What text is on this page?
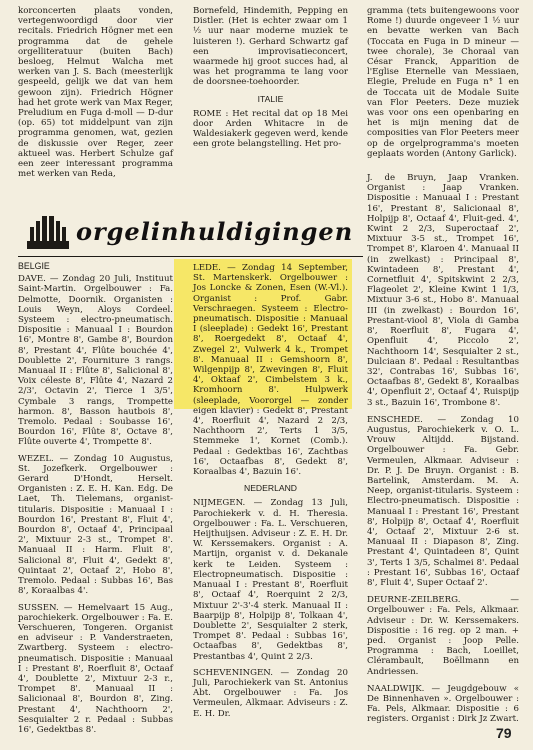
korconcerten plaats vonden, vertegenwoordigd door vier recitals. Friedrich Högner met een programma dat de gehele orgelliteratuur (buiten Bach) besloeg, Helmut Walcha met werken van J. S. Bach (meesterlijk gespeeld, gelijk we dat van hem gewoon zijn). Friedrich Högner had het grote werk van Max Reger, Preludium en Fuga d-moll — D-dur (op. 65) tot middelpunt van zijn programma genomen, wat, gezien de diskussie over Reger, zeer aktueel was. Herbert Schulze gaf een zeer interessant programma met werken van Reda,

Bornefeld, Hindemith, Pepping en Distler. (Het is echter zwaar om 1 ½ uur naar moderne muziek te luisteren !). Gerhard Schwartz gaf een improvisatieconcert, waarmede hij groot succes had, al was het programma te lang voor de doorsnee-toehoorder.

ITALIE

ROME : Het recital dat op 18 Mei door Arden Whitacre in de Waldesiakerk gegeven werd, kende een grote belangstelling. Het pro-

gramma (tets buitengewoons voor Rome !) duurde ongeveer 1 ½ uur en bevatte werken van Bach (Toccata en Fuga in D mineur — twee chorale), 3e Choraal van César Franck, Apparition de l'Eglise Eternelle van Messiaen, Elegie, Prelude en Fuga n° 1 en de Toccata uit de Modale Suite van Flor Peeters. Deze muziek was voor ons een openbaring en het is mijn mening dat de composities van Flor Peeters meer op de orgelprogramma's moeten geplaats worden (Antony Garlick).

J. de Bruyn, Jaap Vranken. Organist : Jaap Vranken. Dispositie : Manuaal I : Prestant 16', Prestant 8', Salicionaal 8', Holpijp 8', Octaaf 4', Fluit-ged. 4', Kwint 2 2/3, Superoctaaf 2', Mixtuur 3-5 st., Trompet 16', Trompet 8', Klaroen 4'. Manuaal II (in zwelkast) : Principaal 8', Kwintadeen 8', Prestant 4', Cornetfluit 4', Spitskwint 2 2/3, Flageolet 2', Kleine Kwint 1 1/3, Mixtuur 3-6 st., Hobo 8'. Manuaal III (in zwelkast) : Bourdon 16', Prestant-viool 8', Viola di Gamba 8', Roerfluit 8', Fugara 4', Openfluit 4', Piccolo 2', Nachthoorn 14', Sesquialter 2 st., Dulciaan 8'. Pedaal : Resultantbas 32', Contrabas 16', Subbas 16', Octaafbas 8', Gedekt 8', Koraalbas 4', Openfluit 2', Octaaf 4', Ruispijp 3 st., Bazuin 16', Trombone 8'.

ENSCHEDE. — Zondag 10 Augustus, Parochiekerk v. O. L. Vrouw Altijdd. Bijstand. Orgelbouwer : Fa. Gebr. Vermeulen, Alkmaar. Adviseur : Dr. P. J. De Bruyn. Organist : B. Bartelink, Amsterdam. M. A. Neep, organist-titularis. Systeem : Electro-pneumatisch. Dispositie : Manuaal I : Prestant 16', Prestant 8', Holpijp 8', Octaaf 4', Roerfluit 4', Octaaf 2', Mixtuur 2-6 st. Manuaal II : Diapason 8', Zing. Prestant 4', Quintadeen 8', Quint 3', Terts 1 3/5, Schalmei 8'. Pedaal : Prestant 16', Subbas 16', Octaaf 8', Fluit 4', Super Octaaf 2'.

DEURNE-ZEILBERG. — Orgelbouwer : Fa. Pels, Alkmaar. Adviseur : Dr. W. Kerssemakers. Dispositie : 16 reg. op 2 man. + ped. Organist : Joop Pelle. Programma : Bach, Loeillet, Clérambault, Boëllmann en Andriessen.

NAALDWIJK. — Jeugdgebouw « De Binnenhaven ». Orgelbouwer : Fa. Pels, Alkmaar. Dispositie : 6 registers. Organist : Dirk Jz Zwart.

orgelinhuldigingen
BELGIE

DAVE. — Zondag 20 Juli, Instituut Saint-Martin. Orgelbouwer : Fa. Delmotte, Doornik. Organisten : Louis Weyn, Aloys Cordeel. Systeem : electro-pneumatisch. Dispositie : Manuaal I : Bourdon 16', Montre 8', Gambe 8', Bourdon 8', Prestant 4', Flûte bouchée 4', Doublette 2', Fourniture 3 rangs. Manuaal II : Flûte 8', Salicional 8', Voix céleste 8', Flûte 4', Nazard 2 2/3', Octavin 2', Tierce 1 3/5', Cymbale 3 rangs, Trompette harmon. 8', Basson hautbois 8', Tremolo. Pedaal : Soubasse 16', Bourdon 16', Flûte 8', Octave 8', Flûte ouverte 4', Trompette 8'.

WEZEL. — Zondag 10 Augustus, St. Jozefkerk. Orgelbouwer : Gerard D'Hondt, Herselt. Organisten : Z. E. H. Kan. Edg. De Laet, Th. Tielemans, organist-titularis. Dispositie : Manuaal I : Bourdon 16', Prestant 8', Fluit 4', Bourdon 8', Octaaf 4', Principaal 2', Mixtuur 2-3 st., Trompet 8'. Manuaal II : Harm. Fluit 8', Salicional 8', Fluit 4', Gedekt 8', Quintaat 2', Octaaf 2', Hobo 8', Tremolo. Pedaal : Subbas 16', Bas 8', Koraalbas 4'.

SUSSEN. — Hemelvaart 15 Aug., parochiekerk. Orgelbouwer : Fa. E. Verschueren, Tongeren. Organist en adviseur : P. Vanderstraeten, Zwartberg. Systeem : electro-pneumatisch. Dispositie : Manuaal I : Prestant 8', Roerfluit 8', Octaaf 4', Doublette 2', Mixtuur 2-3 r., Trompet 8'. Manuaal II : Salicionaal 8', Bourdon 8', Zing. Prestant 4', Nachthoorn 2', Sesquialter 2 r. Pedaal : Subbas 16', Gedektbas 8'.

LEDE. — Zondag 14 September, St. Martenskerk. Orgelbouwer : Jos Loncke & Zonen, Esen (W.-Vl.). Organist : Prof. Gabr. Verschraegen. Systeem : Electro-pneumatisch. Dispositie : Manuaal I (sleeplade) : Gedekt 16', Prestant 8', Roergedekt 8', Octaaf 4', Zwegel 2', Vulwerk 4 k., Trompet 8'. Manuaal II : Gemshoorn 8', Wilgenpijp 8', Zwevingen 8', Fluit 4', Oktaaf 2', Cimbelstem 3 k., Kromhoorn 8'. Hulpwerk (sleeplade, Voororgel — zonder eigen klavier) : Gedekt 8', Prestant 4', Roerfluit 4', Nazard 2 2/3, Nachthoorn 2', Terts 1 3/5, Stemmeke 1', Kornet (Comb.). Pedaal : Gedektbas 16', Zachtbas 16', Octaafbas 8', Gedekt 8', Koraalbas 4', Bazuin 16'.

NEDERLAND

NIJMEGEN. — Zondag 13 Juli, Parochiekerk v. d. H. Theresia. Orgelbouwer : Fa. L. Verschueren, Heijthuijsen. Adviseur : Z. E. H. Dr. W. Kerssemakers. Organist : A. Martijn, organist v. d. Dekanale kerk te Leiden. Systeem : Electropneumatisch. Dispositie : Manuaal I : Prestant 8', Roerfluit 8', Octaaf 4', Roerquint 2 2/3, Mixtuur 2'-3'-4 sterk. Manuaal II : Baarpijp 8', Holpijp 8', Tolkaan 4', Doublette 2', Sesquialter 2 sterk, Trompet 8'. Pedaal : Subbas 16', Octaafbas 8', Gedektbas 8', Prestantbas 4', Quint 2 2/3.

SCHEVENINGEN. — Zondag 20 Juli, Parochiekerk van St. Antonius Abt. Orgelbouwer : Fa. Jos Vermeulen, Alkmaar. Adviseurs : Z. E. H. Dr.

79
